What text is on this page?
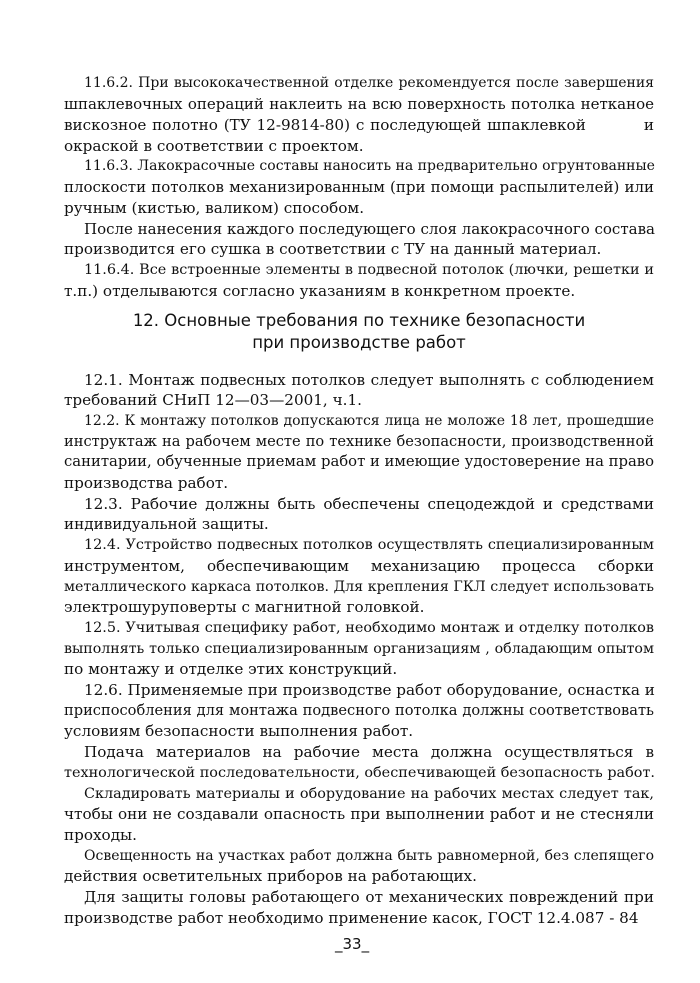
11.6.2. При высококачественной отделке рекомендуется после завершения
шпаклевочных операций наклеить на всю поверхность потолка нетканое
вискозное полотно (ТУ 12-9814-80) с последующей шпаклевкой          и
окраской в соответствии с проектом.
11.6.3. Лакокрасочные составы наносить на предварительно огрунтованные
плоскости потолков механизированным (при помощи распылителей) или
ручным (кистью, валиком) способом.
После нанесения каждого последующего слоя лакокрасочного состава
производится его сушка в соответствии с ТУ на данный материал.
11.6.4. Все встроенные элементы в подвесной потолок (лючки, решетки и
т.п.) отделываются согласно указаниям в конкретном проекте.
12. Основные требования по технике безопасности
при производстве работ
12.1. Монтаж подвесных потолков следует выполнять с соблюдением
требований СНиП 12—03—2001, ч.1.
12.2. К монтажу потолков допускаются лица не моложе 18 лет, прошедшие
инструктаж на рабочем месте по технике безопасности, производственной
санитарии, обученные приемам работ и имеющие удостоверение на право
производства работ.
12.3. Рабочие должны быть обеспечены спецодеждой и средствами
индивидуальной защиты.
12.4. Устройство подвесных потолков осуществлять специализированным
инструментом, обеспечивающим механизацию процесса сборки
металлического каркаса потолков. Для крепления ГКЛ следует использовать
электрошуруповерты с магнитной головкой.
12.5. Учитывая специфику работ, необходимо монтаж и отделку потолков
выполнять только специализированным организациям , обладающим опытом
по монтажу и отделке этих конструкций.
12.6. Применяемые при производстве работ оборудование, оснастка и
приспособления для монтажа подвесного потолка должны соответствовать
условиям безопасности выполнения работ.
Подача материалов на рабочие места должна осуществляться в
технологической последовательности, обеспечивающей безопасность работ.
Складировать материалы и оборудование на рабочих местах следует так,
чтобы они не создавали опасность при выполнении работ и не стесняли
проходы.
Освещенность на участках работ должна быть равномерной, без слепящего
действия осветительных приборов на работающих.
Для защиты головы работающего от механических повреждений при
производстве работ необходимо применение касок, ГОСТ 12.4.087 - 84
_33_
